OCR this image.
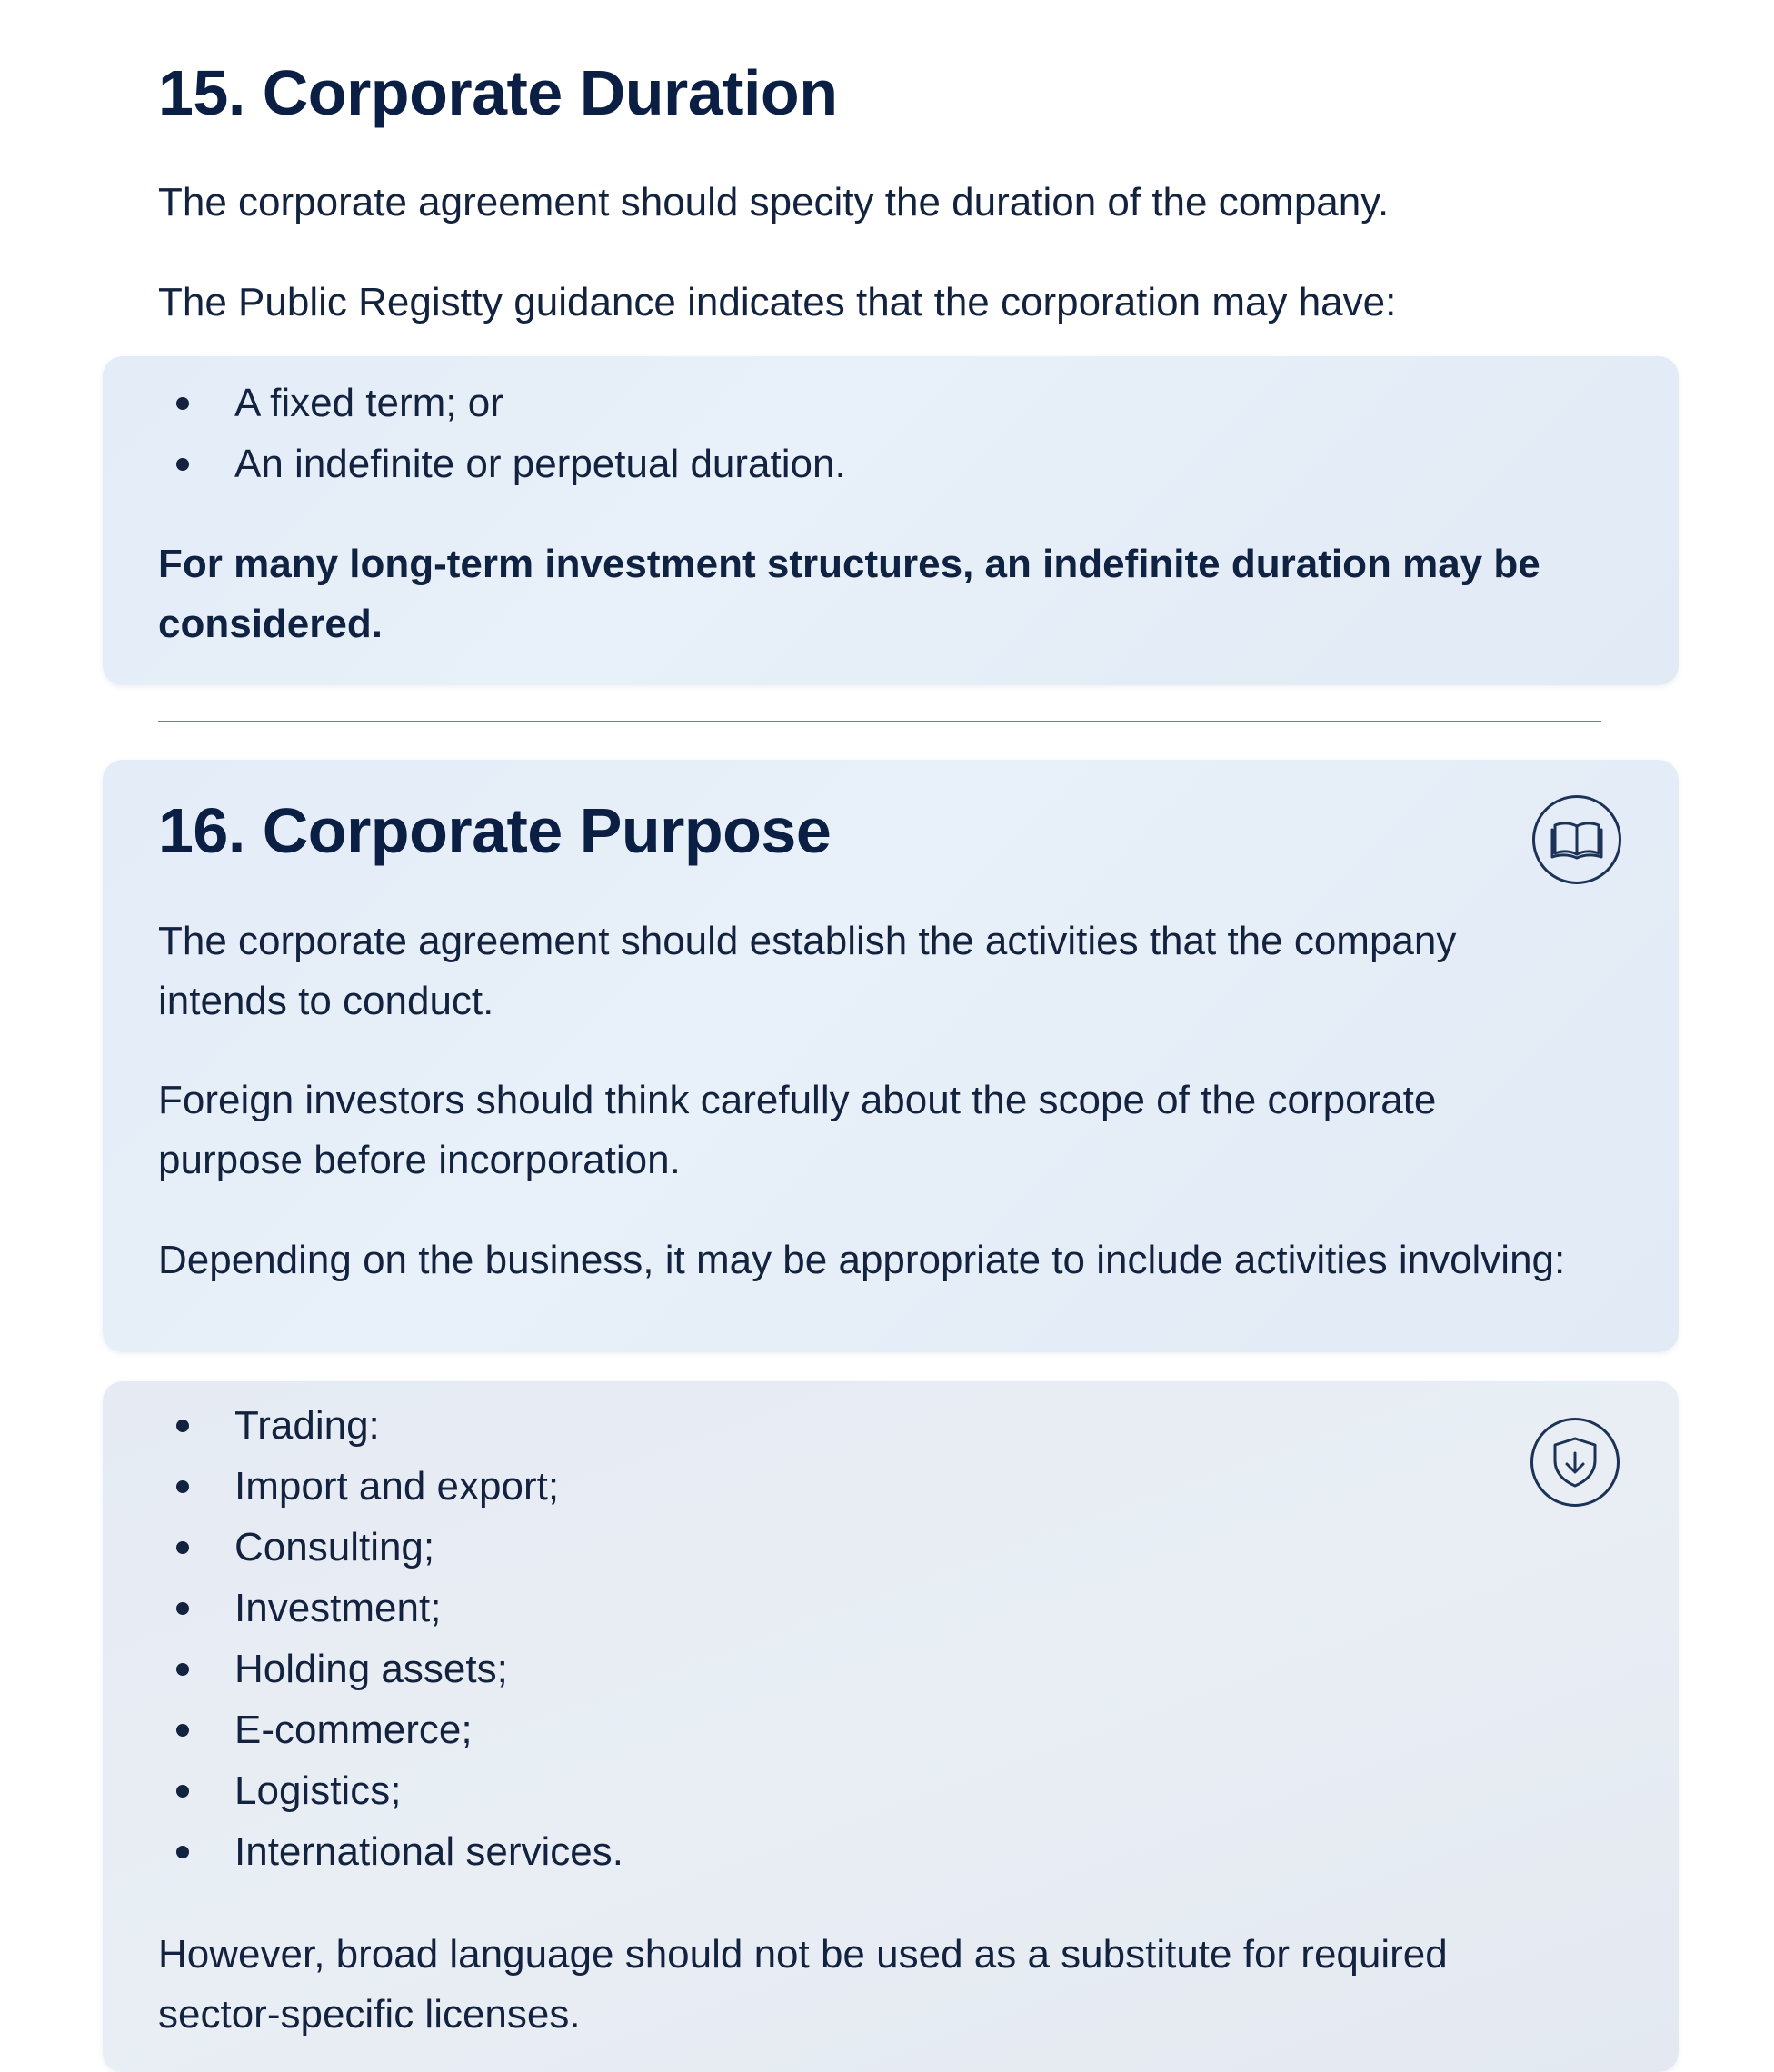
15. Corporate Duration

The corporate agreement should specity the duration of the company.

The Public Registty guidance indicates that the corporation may have:

A fixed term; or
An indefinite or perpetual duration.

For many long-term investment structures, an indefinite duration may be considered.

16. Corporate Purpose

The corporate agreement should establish the activities that the company intends to conduct.

Foreign investors should think carefully about the scope of the corporate purpose before incorporation.

Depending on the business, it may be appropriate to include activities involving:

Trading:
Import and export;
Consulting;
Investment;
Holding assets;
E-commerce;
Logistics;
International services.

However, broad language should not be used as a substitute for required sector-specific licenses.
